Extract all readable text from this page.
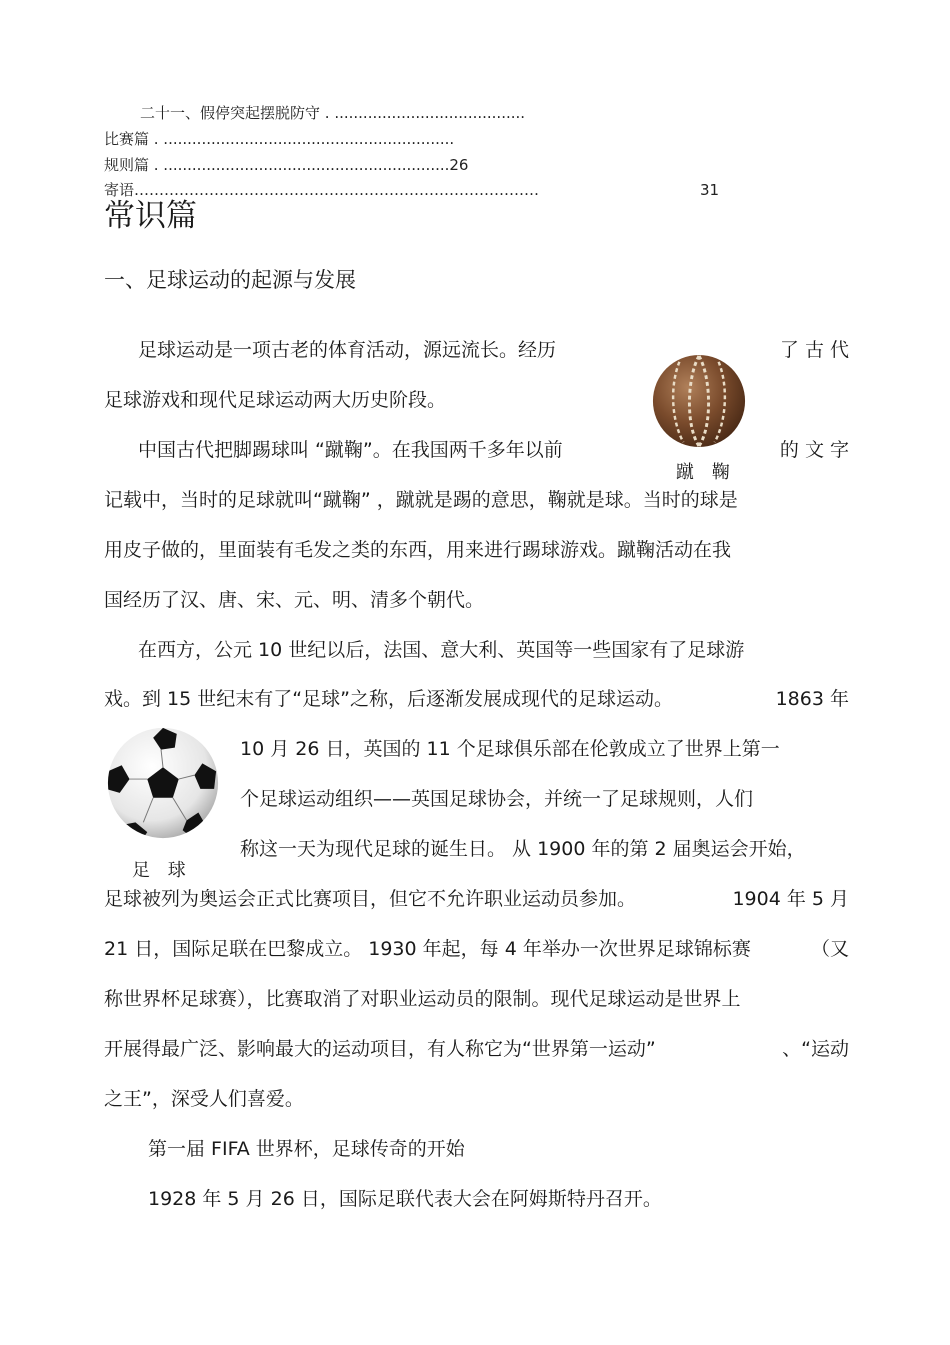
二十一、假停突起摆脱防守 . ........................................
比赛篇 . .............................................................
规则篇 . ............................................................26
寄语………………………………………………………………………	31
常识篇
一、足球运动的起源与发展
蹴 鞠
足 球
足球运动是一项古老的体育活动，源远流长。经历	了 古 代
足球游戏和现代足球运动两大历史阶段。
中国古代把脚踢球叫 “蹴鞠”。在我国两千多年以前	的 文 字
记载中，当时的足球就叫“蹴鞠” ，蹴就是踢的意思，鞠就是球。当时的球是
用皮子做的，里面装有毛发之类的东西，用来进行踢球游戏。蹴鞠活动在我
国经历了汉、唐、宋、元、明、清多个朝代。
在西方，公元 10 世纪以后，法国、意大利、英国等一些国家有了足球游
戏。到 15 世纪末有了“足球”之称，后逐渐发展成现代的足球运动。	1863 年
10 月 26 日，英国的 11 个足球俱乐部在伦敦成立了世界上第一
个足球运动组织——英国足球协会，并统一了足球规则，人们
称这一天为现代足球的诞生日。 从 1900 年的第 2 届奥运会开始，
足球被列为奥运会正式比赛项目，但它不允许职业运动员参加。	1904 年 5 月
21 日，国际足联在巴黎成立。 1930 年起，每 4 年举办一次世界足球锦标赛	（又
称世界杯足球赛），比赛取消了对职业运动员的限制。现代足球运动是世界上
开展得最广泛、影响最大的运动项目，有人称它为“世界第一运动”	、“运动
之王”，深受人们喜爱。
第一届 FIFA 世界杯，足球传奇的开始
1928 年 5 月 26 日，国际足联代表大会在阿姆斯特丹召开。
